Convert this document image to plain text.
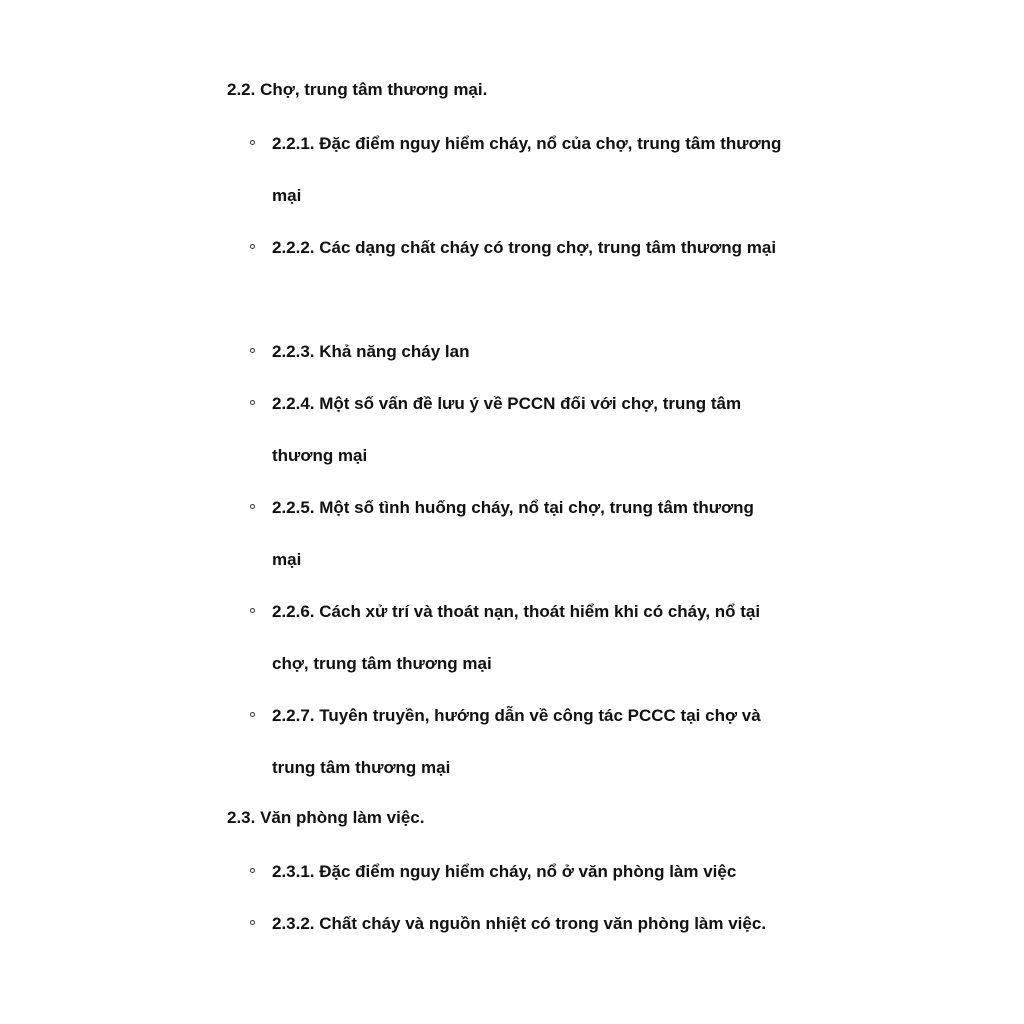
2.2. Chợ, trung tâm thương mại.
2.2.1. Đặc điểm nguy hiểm cháy, nổ của chợ, trung tâm thương mại
2.2.2. Các dạng chất cháy có trong chợ, trung tâm thương mại
2.2.3. Khả năng cháy lan
2.2.4. Một số vấn đề lưu ý về PCCN đối với chợ, trung tâm thương mại
2.2.5. Một số tình huống cháy, nổ tại chợ, trung tâm thương mại
2.2.6. Cách xử trí và thoát nạn, thoát hiểm khi có cháy, nổ tại chợ, trung tâm thương mại
2.2.7. Tuyên truyền, hướng dẫn về công tác PCCC tại chợ và trung tâm thương mại
2.3. Văn phòng làm việc.
2.3.1. Đặc điểm nguy hiểm cháy, nổ ở văn phòng làm việc
2.3.2. Chất cháy và nguồn nhiệt có trong văn phòng làm việc.
